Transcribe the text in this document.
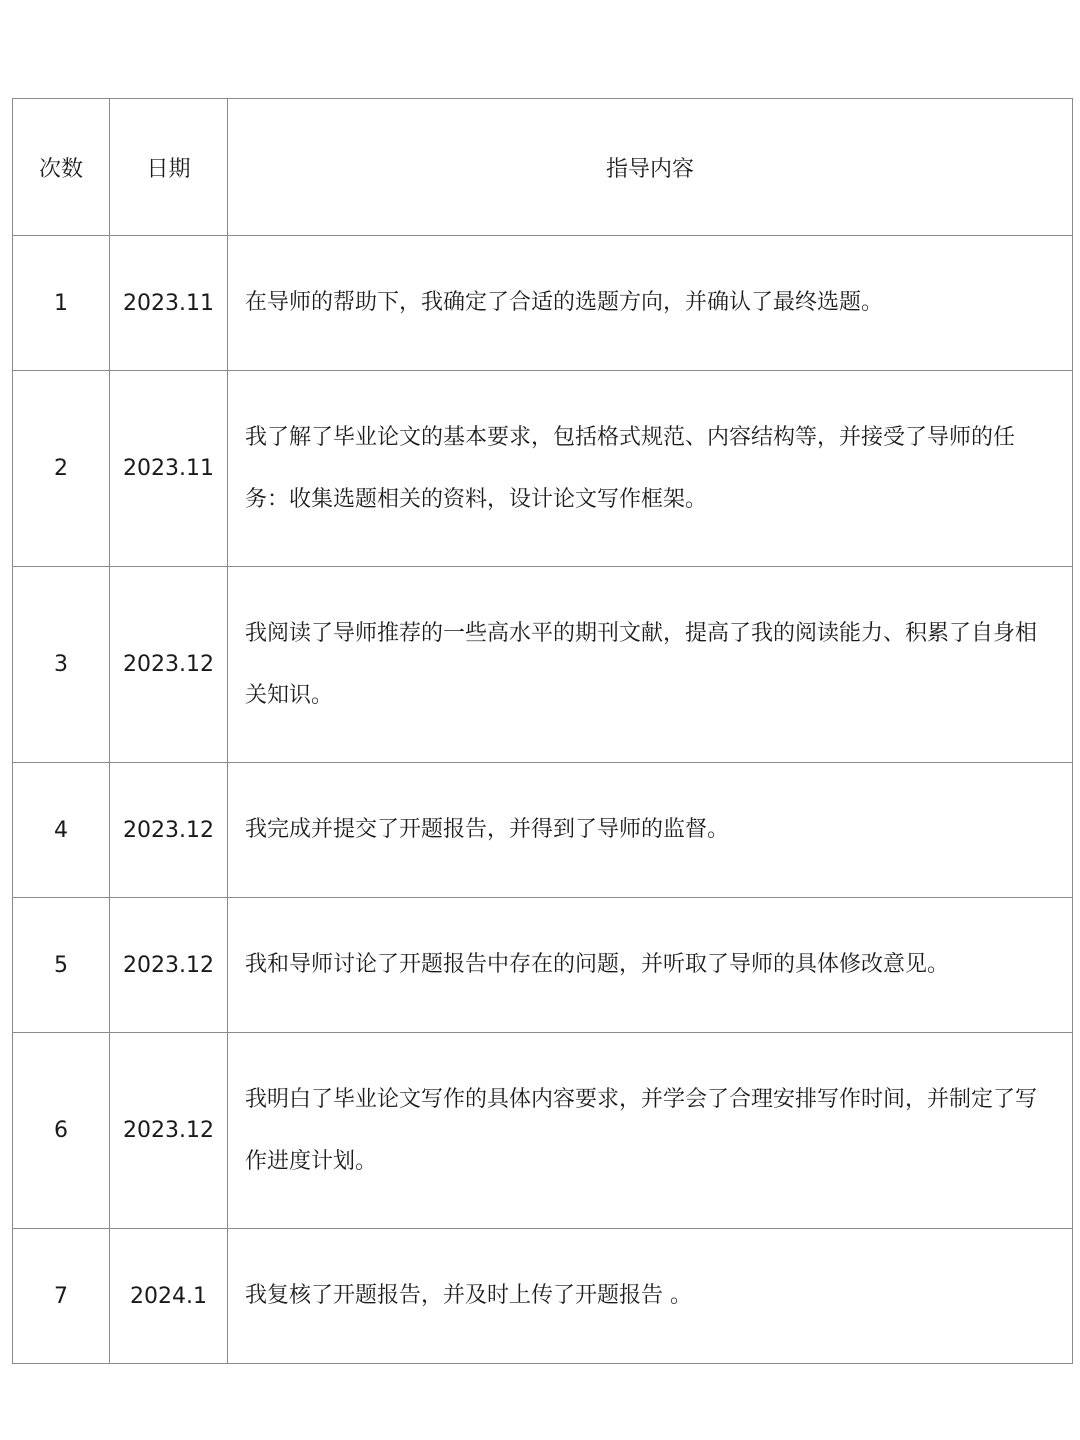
次数	日期	指导内容
1	2023.11	在导师的帮助下，我确定了合适的选题方向，并确认了最终选题。
2	2023.11	我了解了毕业论文的基本要求，包括格式规范、内容结构等，并接受了导师的任务：收集选题相关的资料，设计论文写作框架。
3	2023.12	我阅读了导师推荐的一些高水平的期刊文献，提高了我的阅读能力、积累了自身相关知识。
4	2023.12	我完成并提交了开题报告，并得到了导师的监督。
5	2023.12	我和导师讨论了开题报告中存在的问题，并听取了导师的具体修改意见。
6	2023.12	我明白了毕业论文写作的具体内容要求，并学会了合理安排写作时间，并制定了写作进度计划。
7	2024.1	我复核了开题报告，并及时上传了开题报告 。
